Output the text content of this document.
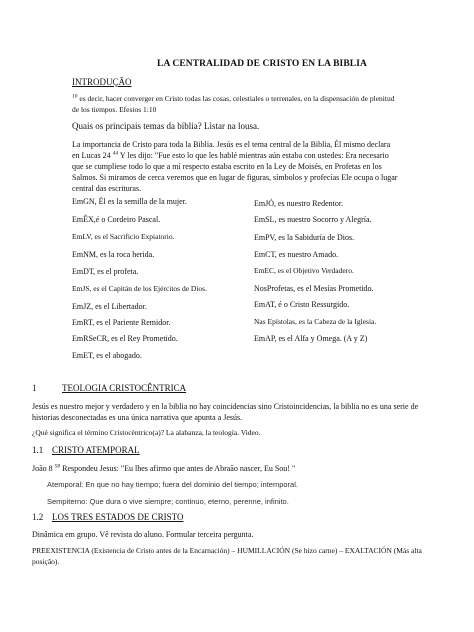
LA CENTRALIDAD DE CRISTO EN LA BIBLIA
INTRODUÇÃO
$^{10}$ es decir, hacer converger en Cristo todas las cosas, celestiales o terrenales, en la dispensación de plenitud de los tiempos. Efesios 1:10
Quais os principais temas da bíblia? Listar na lousa.
La importancia de Cristo para toda la Biblia. Jesús es el tema central de la Biblia, Él mismo declara en Lucas 24 $^{44}$ Y les dijo: "Fue esto lo que les hablé mientras aún estaba con ustedes: Era necesario que se cumpliese todo lo que a mí respecto estaba escrito en la Ley de Moisés, en Profetas en los Salmos. Si miramos de cerca veremos que en lugar de figuras, símbolos y profecías Ele ocupa o lugar central das escrituras.
EmGN, Él es la semilla de la mujer.
EmÊX,é o Cordeiro Pascal.
EmLV, es el Sacrificio Expiatorio.
EmNM, es la roca herida.
EmDT, es el profeta.
EmJS, es el Capitán de los Ejércitos de Dios.
EmJZ, es el Libertador.
EmRT, es el Pariente Remidor.
EmRSeCR, es el Rey Prometido.
EmET, es el abogado.
EmJÓ, es nuestro Redentor.
EmSL, es nuestro Socorro y Alegría.
EmPV, es la Sabiduría de Dios.
EmCT, es nuestro Amado.
EmEC, es el Objetivo Verdadero.
NosProfetas, es el Mesías Prometido.
EmAT, é o Cristo Ressurgido.
Nas Epístolas, es la Cabeza de la Iglesia.
EmAP, es el Alfa y Omega. (A y Z)
1	TEOLOGIA CRISTOCÊNTRICA
Jesús es nuestro mejor y verdadero y en la biblia no hay coincidencias sino Cristoincidencias, la biblia no es una serie de historias desconectadas es una única narrativa que apunta a Jesús.
¿Qué significa el término Cristocéntrico(a)? La alabanza, la teología. Video.
1.1 CRISTO ATEMPORAL
João 8 $^{58}$ Respondeu Jesus: "Eu lhes afirmo que antes de Abraão nascer, Eu Sou! "
Atemporal: En que no hay tiempo; fuera del dominio del tiempo; intemporal.
Sempiterno: Que dura o vive siempre; continuo, eterno, perenne, infinito.
1.2 LOS TRES ESTADOS DE CRISTO
Dinâmica em grupo. Vê revista do aluno. Formular terceira pergunta.
PREEXISTENCIA (Existencia de Cristo antes de la Encarnación) – HUMILLACIÓN (Se hizo carne) – EXALTACIÓN (Más alta posição).
